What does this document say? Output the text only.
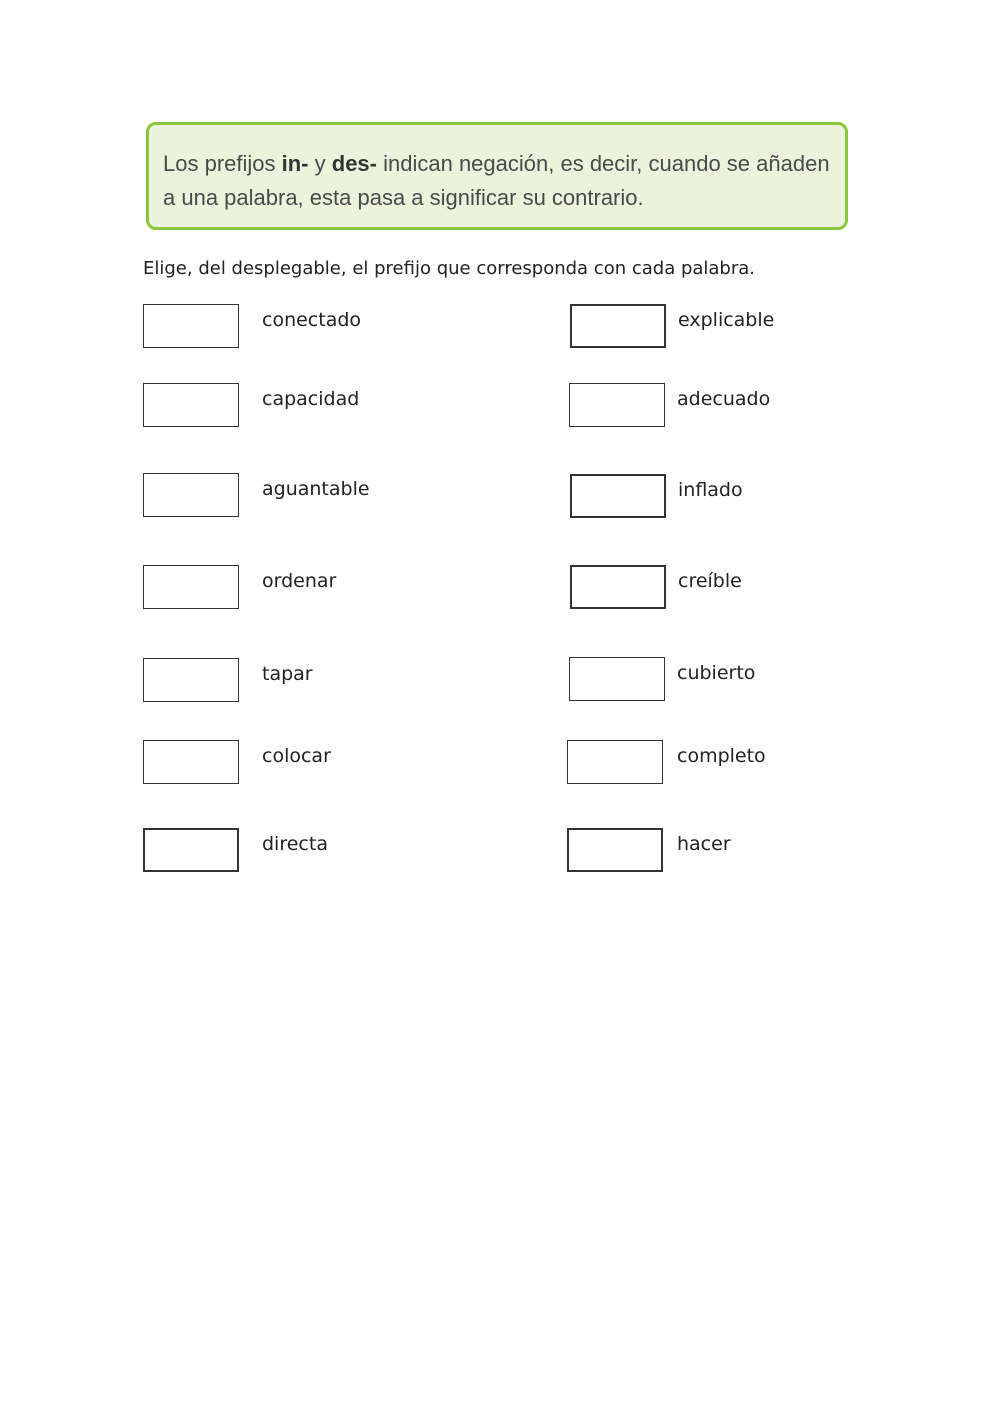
Los prefijos in- y des- indican negación, es decir, cuando se añaden a una palabra, esta pasa a significar su contrario.
Elige, del desplegable, el prefijo que corresponda con cada palabra.
conectado
capacidad
aguantable
ordenar
tapar
colocar
directa
explicable
adecuado
inflado
creíble
cubierto
completo
hacer
